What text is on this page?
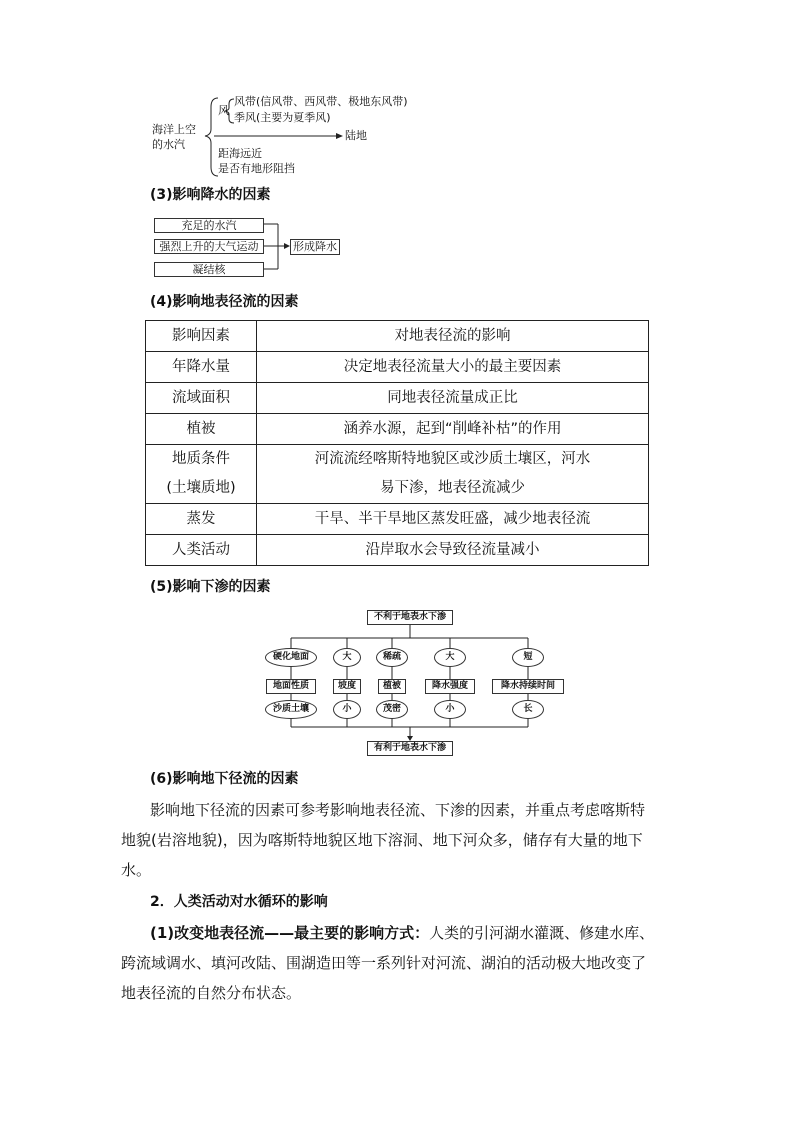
海洋上空
的水汽
风
风带(信风带、西风带、极地东风带)
季风(主要为夏季风)
陆地
距海远近
是否有地形阻挡
(3)影响降水的因素
充足的水汽
强烈上升的大气运动
凝结核
形成降水
(4)影响地表径流的因素
影响因素	对地表径流的影响
年降水量	决定地表径流量大小的最主要因素
流域面积	同地表径流量成正比
植被	涵养水源，起到“削峰补枯”的作用
地质条件
(土壤质地)	河流流经喀斯特地貌区或沙质土壤区，河水
易下渗，地表径流减少
蒸发	干旱、半干旱地区蒸发旺盛，减少地表径流
人类活动	沿岸取水会导致径流量减小
(5)影响下渗的因素
不利于地表水下渗
硬化地面	大	稀疏	大	短
地面性质	坡度	植被	降水强度	降水持续时间
沙质土壤	小	茂密	小	长
有利于地表水下渗
(6)影响地下径流的因素
影响地下径流的因素可参考影响地表径流、下渗的因素，并重点考虑喀斯特
地貌(岩溶地貌)，因为喀斯特地貌区地下溶洞、地下河众多，储存有大量的地下
水。
2．人类活动对水循环的影响
(1)改变地表径流——最主要的影响方式：人类的引河湖水灌溉、修建水库、
跨流域调水、填河改陆、围湖造田等一系列针对河流、湖泊的活动极大地改变了
地表径流的自然分布状态。
